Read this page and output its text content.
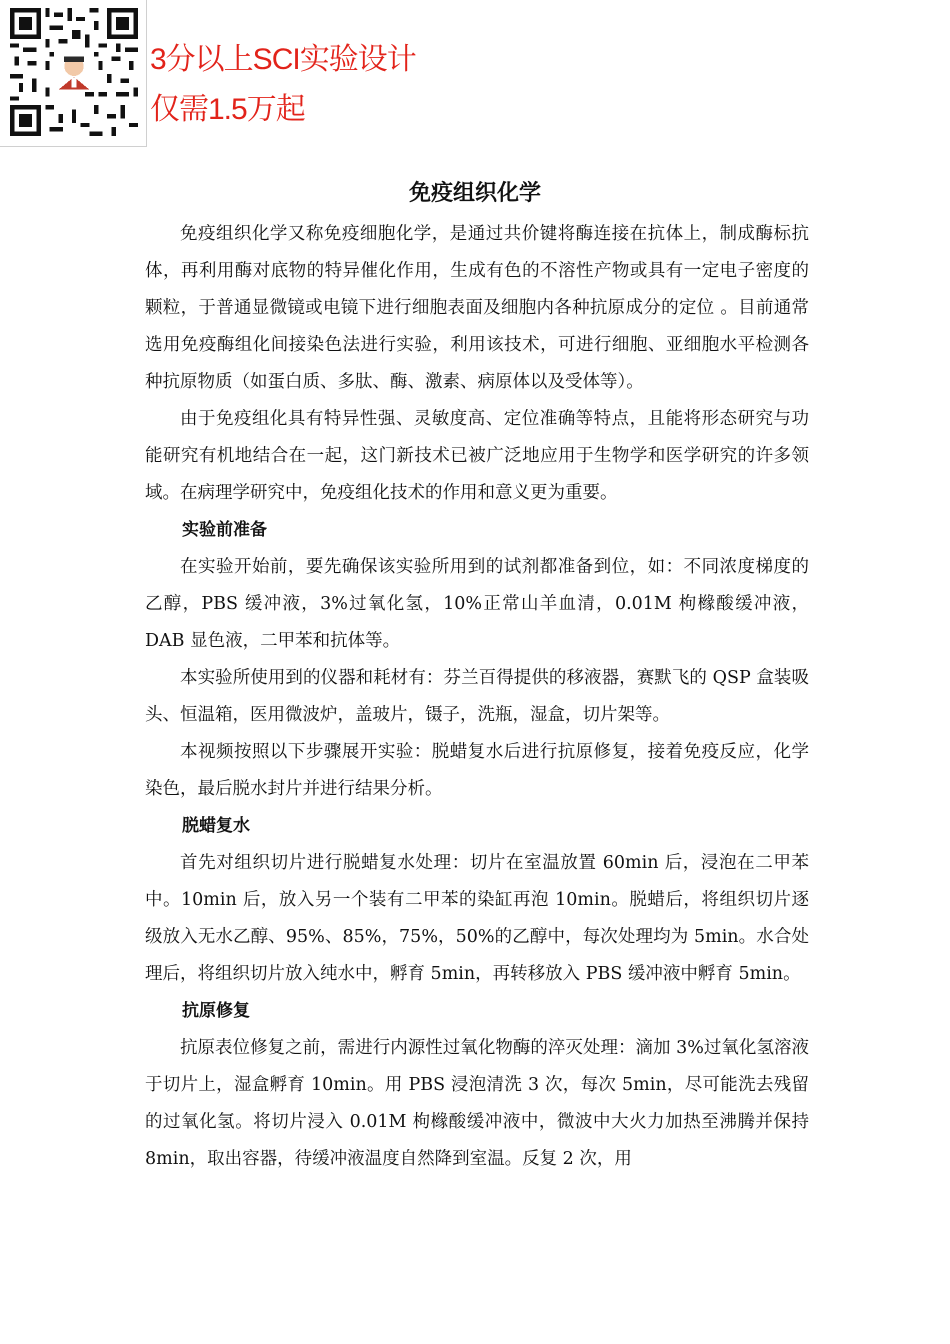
3分以上SCI实验设计
仅需1.5万起
免疫组织化学

免疫组织化学又称免疫细胞化学，是通过共价键将酶连接在抗体上，制成酶标抗体，再利用酶对底物的特异催化作用，生成有色的不溶性产物或具有一定电子密度的颗粒，于普通显微镜或电镜下进行细胞表面及细胞内各种抗原成分的定位 。目前通常选用免疫酶组化间接染色法进行实验，利用该技术，可进行细胞、亚细胞水平检测各种抗原物质（如蛋白质、多肽、酶、激素、病原体以及受体等）。

由于免疫组化具有特异性强、灵敏度高、定位准确等特点，且能将形态研究与功能研究有机地结合在一起，这门新技术已被广泛地应用于生物学和医学研究的许多领域。在病理学研究中，免疫组化技术的作用和意义更为重要。

实验前准备

在实验开始前，要先确保该实验所用到的试剂都准备到位，如：不同浓度梯度的乙醇，PBS 缓冲液，3%过氧化氢，10%正常山羊血清，0.01M 枸橼酸缓冲液，DAB 显色液，二甲苯和抗体等。

本实验所使用到的仪器和耗材有：芬兰百得提供的移液器，赛默飞的 QSP 盒装吸头、恒温箱，医用微波炉，盖玻片，镊子，洗瓶，湿盒，切片架等。

本视频按照以下步骤展开实验：脱蜡复水后进行抗原修复，接着免疫反应，化学染色，最后脱水封片并进行结果分析。

脱蜡复水

首先对组织切片进行脱蜡复水处理：切片在室温放置 60min 后，浸泡在二甲苯中。10min 后，放入另一个装有二甲苯的染缸再泡 10min。脱蜡后，将组织切片逐级放入无水乙醇、95%、85%，75%，50%的乙醇中，每次处理均为 5min。水合处理后，将组织切片放入纯水中，孵育 5min，再转移放入 PBS 缓冲液中孵育 5min。

抗原修复

抗原表位修复之前，需进行内源性过氧化物酶的淬灭处理：滴加 3%过氧化氢溶液于切片上，湿盒孵育 10min。用 PBS 浸泡清洗 3 次，每次 5min，尽可能洗去残留的过氧化氢。将切片浸入 0.01M 枸橼酸缓冲液中，微波中大火力加热至沸腾并保持 8min，取出容器，待缓冲液温度自然降到室温。反复 2 次，用
